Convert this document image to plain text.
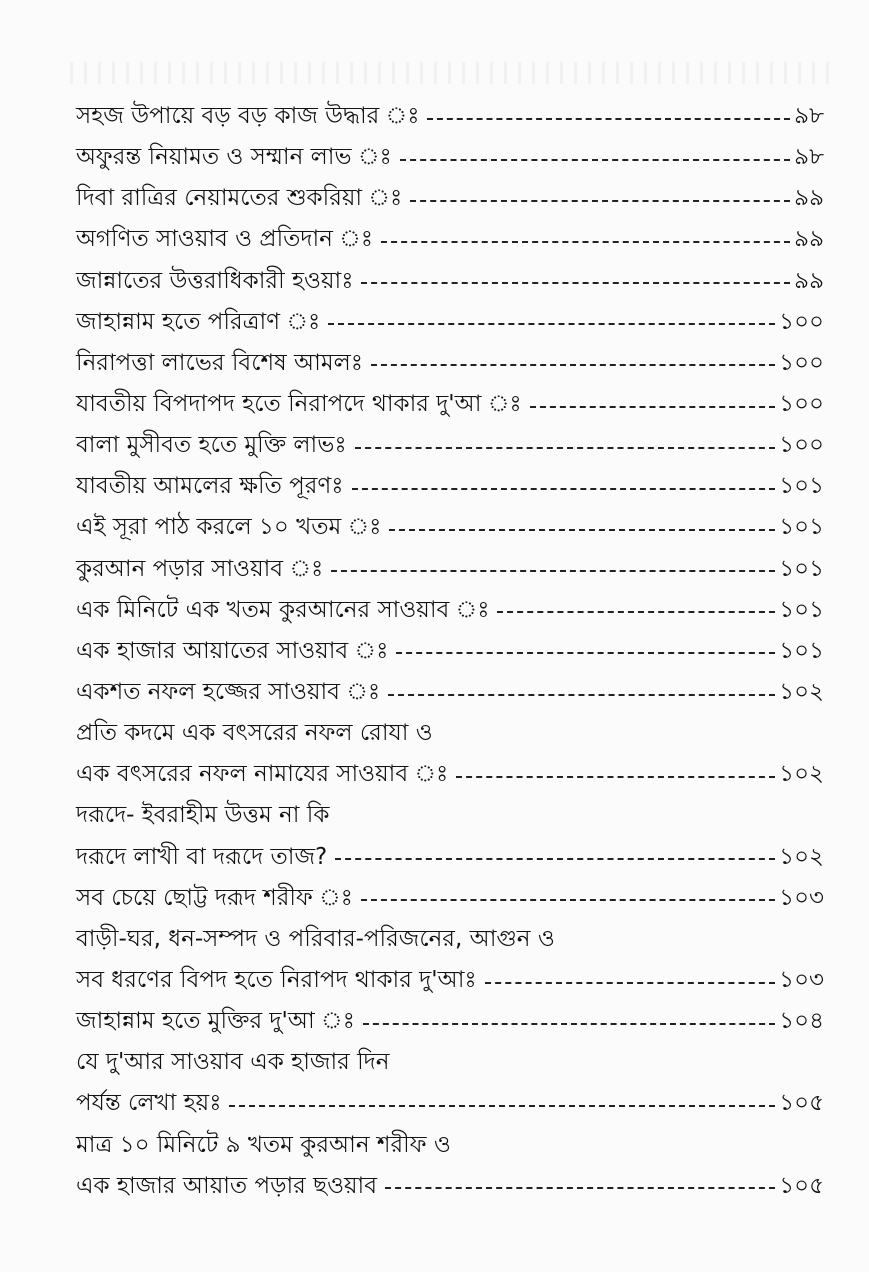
সহজ উপায়ে বড় বড় কাজ উদ্ধার ঃ	৯৮
অফুরন্ত নিয়ামত ও সম্মান লাভ ঃ	৯৮
দিবা রাত্রির নেয়ামতের শুকরিয়া ঃ	৯৯
অগণিত সাওয়াব ও প্রতিদান ঃ	৯৯
জান্নাতের উত্তরাধিকারী হওয়াঃ	৯৯
জাহান্নাম হতে পরিত্রাণ ঃ	১০০
নিরাপত্তা লাভের বিশেষ আমলঃ	১০০
যাবতীয় বিপদাপদ হতে নিরাপদে থাকার দু'আ ঃ	১০০
বালা মুসীবত হতে মুক্তি লাভঃ	১০০
যাবতীয় আমলের ক্ষতি পূরণঃ	১০১
এই সূরা পাঠ করলে ১০ খতম ঃ	১০১
কুরআন পড়ার সাওয়াব ঃ	১০১
এক মিনিটে এক খতম কুরআনের সাওয়াব ঃ	১০১
এক হাজার আয়াতের সাওয়াব ঃ	১০১
একশত নফল হজ্জের সাওয়াব ঃ	১০২
প্রতি কদমে এক বৎসরের নফল রোযা ও
এক বৎসরের নফল নামাযের সাওয়াব ঃ	১০২
দরূদে- ইবরাহীম উত্তম না কি
দরূদে লাখী বা দরূদে তাজ?	১০২
সব চেয়ে ছোট্ট দরূদ শরীফ ঃ	১০৩
বাড়ী-ঘর, ধন-সম্পদ ও পরিবার-পরিজনের, আগুন ও
সব ধরণের বিপদ হতে নিরাপদ থাকার দু'আঃ	১০৩
জাহান্নাম হতে মুক্তির দু'আ ঃ	১০৪
যে দু'আর সাওয়াব এক হাজার দিন
পর্যন্ত লেখা হয়ঃ	১০৫
মাত্র ১০ মিনিটে ৯ খতম কুরআন শরীফ ও
এক হাজার আয়াত পড়ার ছওয়াব	১০৫
